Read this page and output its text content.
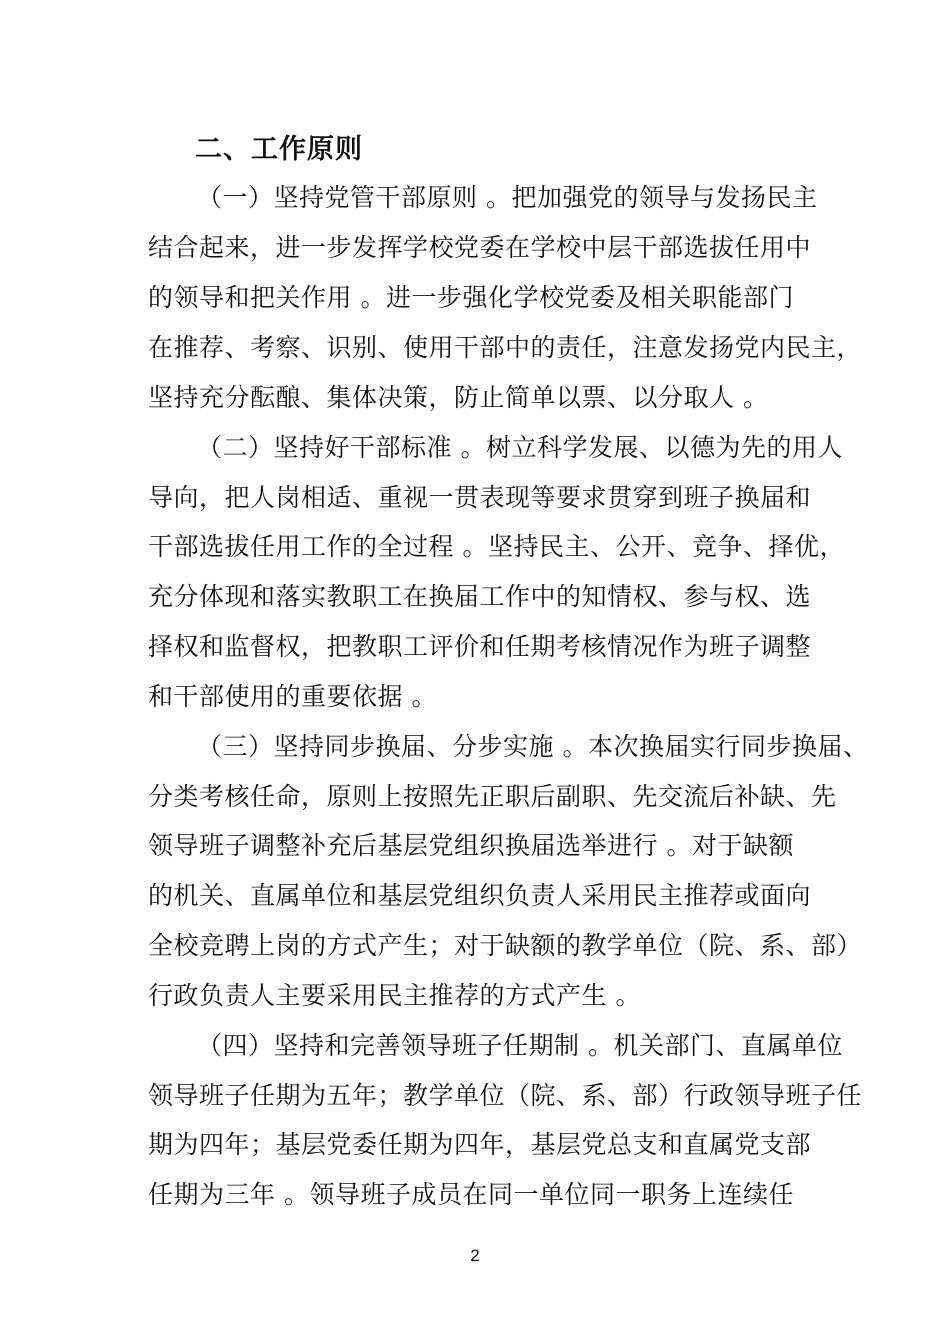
二、工作原则

（一）坚持党管干部原则 。把加强党的领导与发扬民主

结合起来，进一步发挥学校党委在学校中层干部选拔任用中

的领导和把关作用 。进一步强化学校党委及相关职能部门

在推荐、考察、识别、使用干部中的责任，注意发扬党内民主，

坚持充分酝酿、集体决策，防止简单以票、以分取人 。

（二）坚持好干部标准 。树立科学发展、以德为先的用人

导向，把人岗相适、重视一贯表现等要求贯穿到班子换届和

干部选拔任用工作的全过程 。坚持民主、公开、竞争、择优，

充分体现和落实教职工在换届工作中的知情权、参与权、选

择权和监督权，把教职工评价和任期考核情况作为班子调整

和干部使用的重要依据 。

（三）坚持同步换届、分步实施 。本次换届实行同步换届、

分类考核任命，原则上按照先正职后副职、先交流后补缺、先

领导班子调整补充后基层党组织换届选举进行 。对于缺额

的机关、直属单位和基层党组织负责人采用民主推荐或面向

全校竞聘上岗的方式产生；对于缺额的教学单位（院、系、部）

行政负责人主要采用民主推荐的方式产生 。

（四）坚持和完善领导班子任期制 。机关部门、直属单位

领导班子任期为五年；教学单位（院、系、部）行政领导班子任

期为四年；基层党委任期为四年，基层党总支和直属党支部

任期为三年 。领导班子成员在同一单位同一职务上连续任

2
